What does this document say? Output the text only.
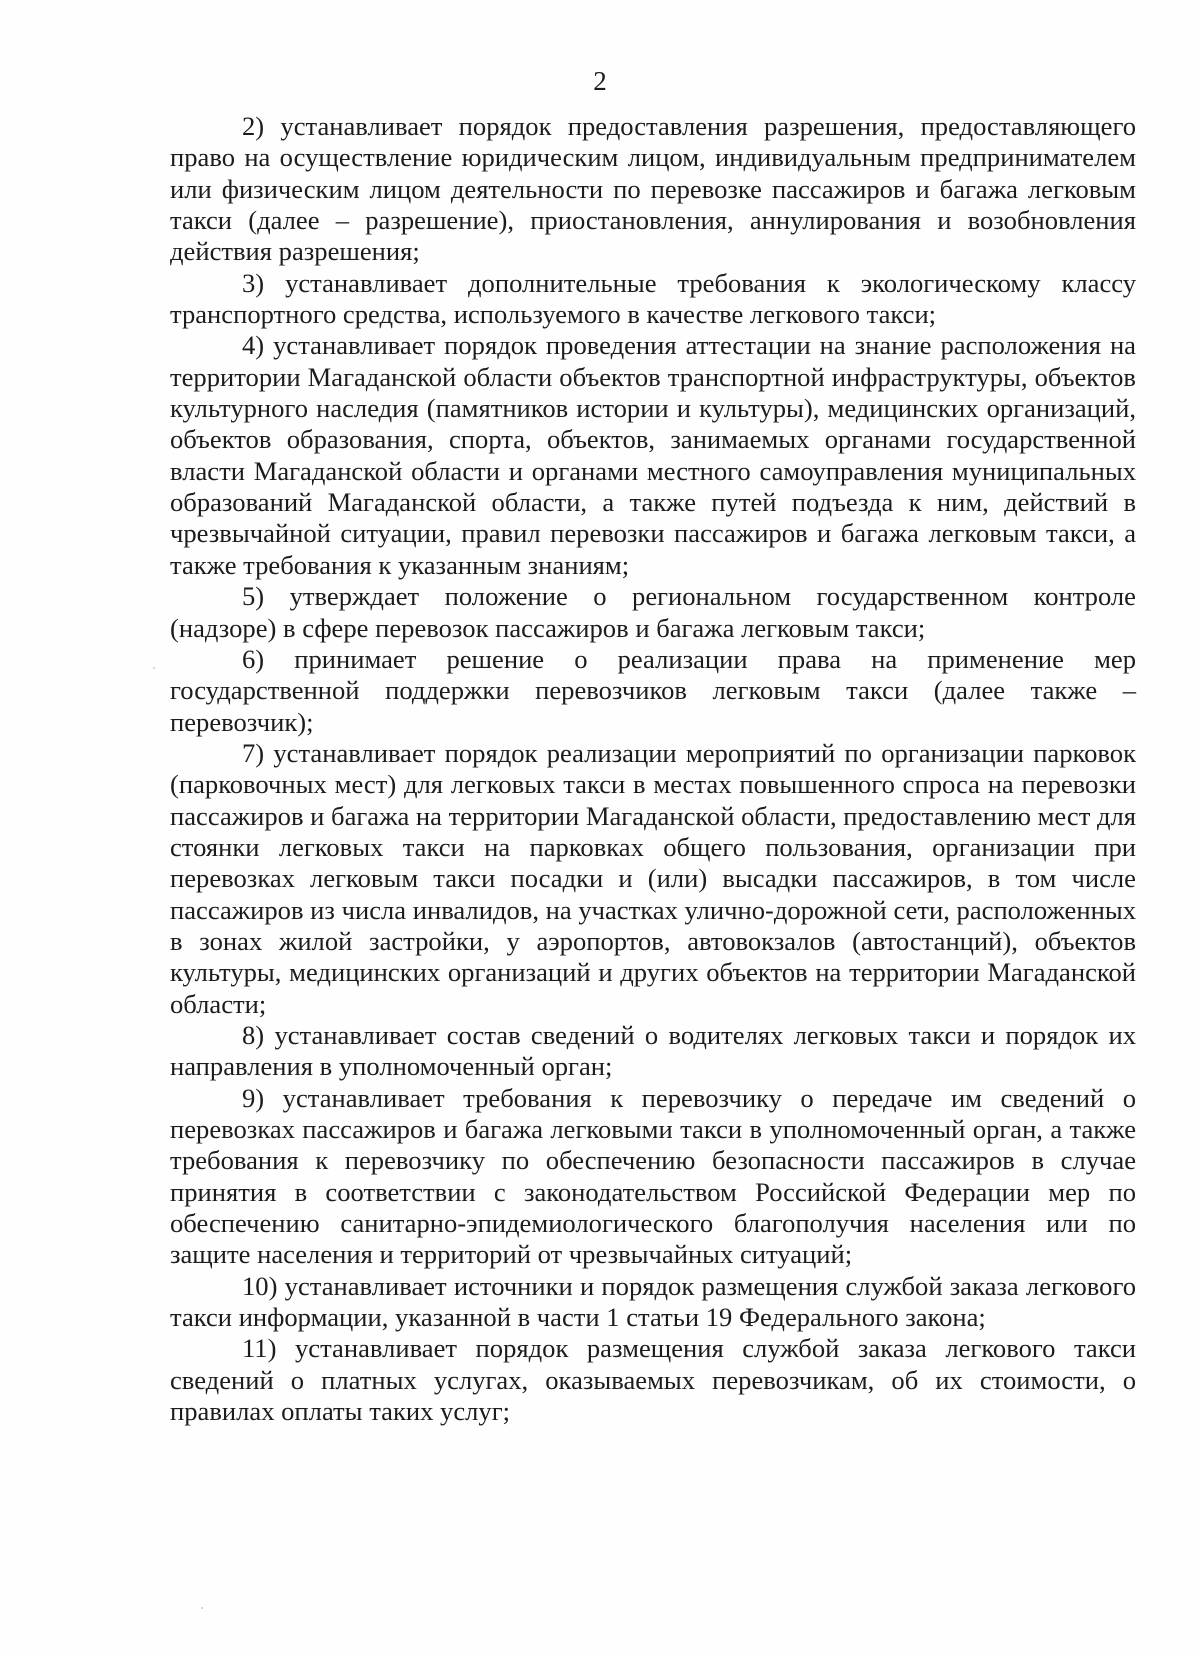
2

2) устанавливает порядок предоставления разрешения, предоставляющего право на осуществление юридическим лицом, индивидуальным предпринимателем или физическим лицом деятельности по перевозке пассажиров и багажа легковым такси (далее – разрешение), приостановления, аннулирования и возобновления действия разрешения;

3) устанавливает дополнительные требования к экологическому классу транспортного средства, используемого в качестве легкового такси;

4) устанавливает порядок проведения аттестации на знание расположения на территории Магаданской области объектов транспортной инфраструктуры, объектов культурного наследия (памятников истории и культуры), медицинских организаций, объектов образования, спорта, объектов, занимаемых органами государственной власти Магаданской области и органами местного самоуправления муниципальных образований Магаданской области, а также путей подъезда к ним, действий в чрезвычайной ситуации, правил перевозки пассажиров и багажа легковым такси, а также требования к указанным знаниям;

5) утверждает положение о региональном государственном контроле (надзоре) в сфере перевозок пассажиров и багажа легковым такси;

6) принимает решение о реализации права на применение мер государственной поддержки перевозчиков легковым такси (далее также – перевозчик);

7) устанавливает порядок реализации мероприятий по организации парковок (парковочных мест) для легковых такси в местах повышенного спроса на перевозки пассажиров и багажа на территории Магаданской области, предоставлению мест для стоянки легковых такси на парковках общего пользования, организации при перевозках легковым такси посадки и (или) высадки пассажиров, в том числе пассажиров из числа инвалидов, на участках улично-дорожной сети, расположенных в зонах жилой застройки, у аэропортов, автовокзалов (автостанций), объектов культуры, медицинских организаций и других объектов на территории Магаданской области;

8) устанавливает состав сведений о водителях легковых такси и порядок их направления в уполномоченный орган;

9) устанавливает требования к перевозчику о передаче им сведений о перевозках пассажиров и багажа легковыми такси в уполномоченный орган, а также требования к перевозчику по обеспечению безопасности пассажиров в случае принятия в соответствии с законодательством Российской Федерации мер по обеспечению санитарно-эпидемиологического благополучия населения или по защите населения и территорий от чрезвычайных ситуаций;

10) устанавливает источники и порядок размещения службой заказа легкового такси информации, указанной в части 1 статьи 19 Федерального закона;

11) устанавливает порядок размещения службой заказа легкового такси сведений о платных услугах, оказываемых перевозчикам, об их стоимости, о правилах оплаты таких услуг;
